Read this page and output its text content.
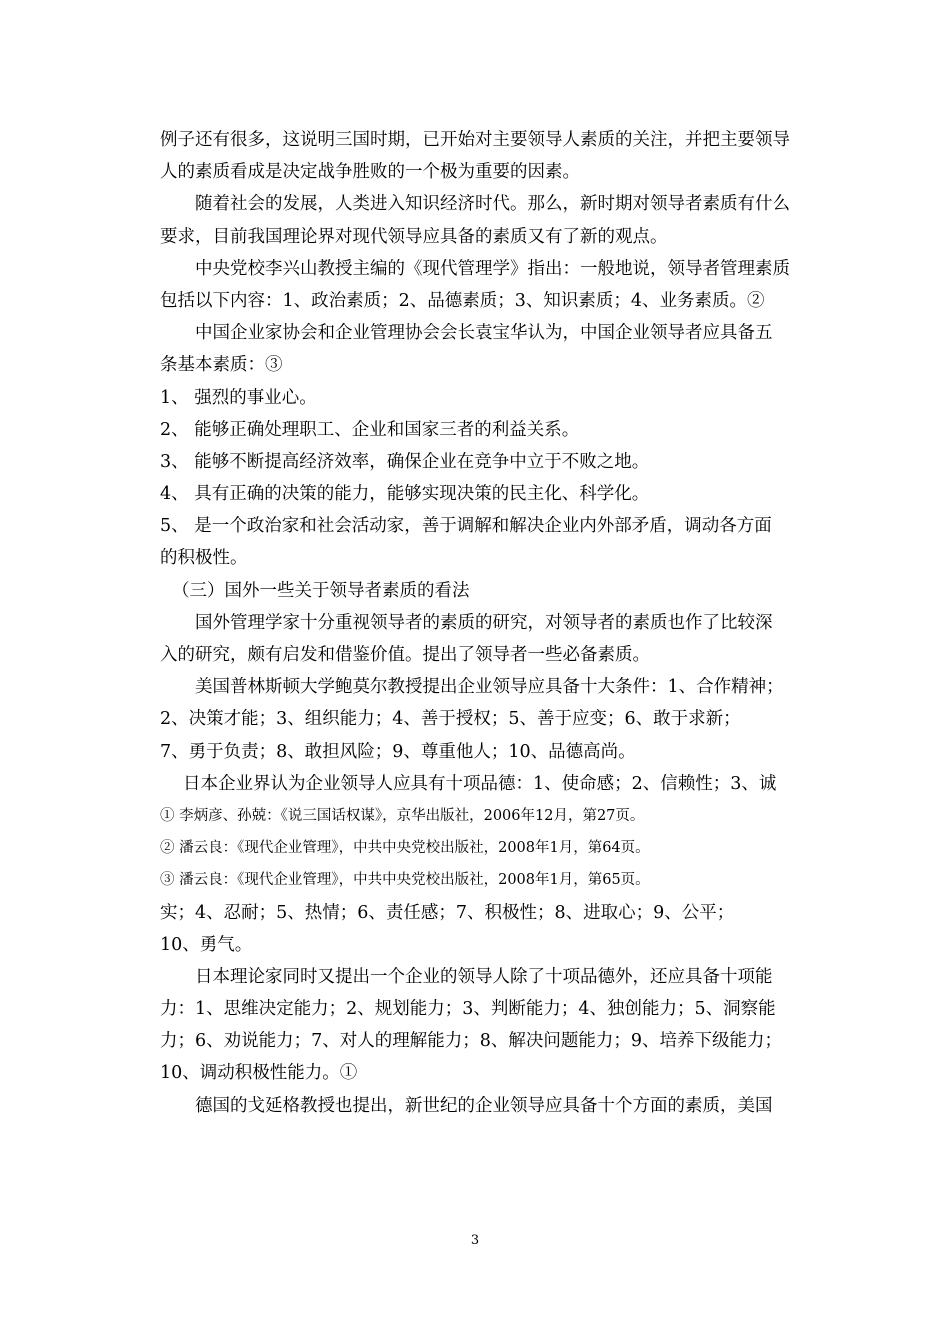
例子还有很多，这说明三国时期，已开始对主要领导人素质的关注，并把主要领导
人的素质看成是决定战争胜败的一个极为重要的因素。
随着社会的发展，人类进入知识经济时代。那么，新时期对领导者素质有什么
要求，目前我国理论界对现代领导应具备的素质又有了新的观点。
中央党校李兴山教授主编的《现代管理学》指出：一般地说，领导者管理素质
包括以下内容：1、政治素质；2、品德素质；3、知识素质；4、业务素质。②
中国企业家协会和企业管理协会会长袁宝华认为，中国企业领导者应具备五
条基本素质：③
1、 强烈的事业心。
2、 能够正确处理职工、企业和国家三者的利益关系。
3、 能够不断提高经济效率，确保企业在竞争中立于不败之地。
4、 具有正确的决策的能力，能够实现决策的民主化、科学化。
5、 是一个政治家和社会活动家，善于调解和解决企业内外部矛盾，调动各方面
的积极性。
（三）国外一些关于领导者素质的看法
国外管理学家十分重视领导者的素质的研究，对领导者的素质也作了比较深
入的研究，颇有启发和借鉴价值。提出了领导者一些必备素质。
美国普林斯顿大学鲍莫尔教授提出企业领导应具备十大条件：1、合作精神；
2、决策才能；3、组织能力；4、善于授权；5、善于应变；6、敢于求新；
7、勇于负责；8、敢担风险；9、尊重他人；10、品德高尚。
日本企业界认为企业领导人应具有十项品德：1、使命感；2、信赖性；3、诚
① 李炳彦、孙兢：《说三国话权谋》，京华出版社，2006年12月，第27页。
② 潘云良：《现代企业管理》，中共中央党校出版社，2008年1月，第64页。
③ 潘云良：《现代企业管理》，中共中央党校出版社，2008年1月，第65页。
实；4、忍耐；5、热情；6、责任感；7、积极性；8、进取心；9、公平；
10、勇气。
日本理论家同时又提出一个企业的领导人除了十项品德外，还应具备十项能
力：1、思维决定能力；2、规划能力；3、判断能力；4、独创能力；5、洞察能
力；6、劝说能力；7、对人的理解能力；8、解决问题能力；9、培养下级能力；
10、调动积极性能力。①
德国的戈延格教授也提出，新世纪的企业领导应具备十个方面的素质，美国
3
